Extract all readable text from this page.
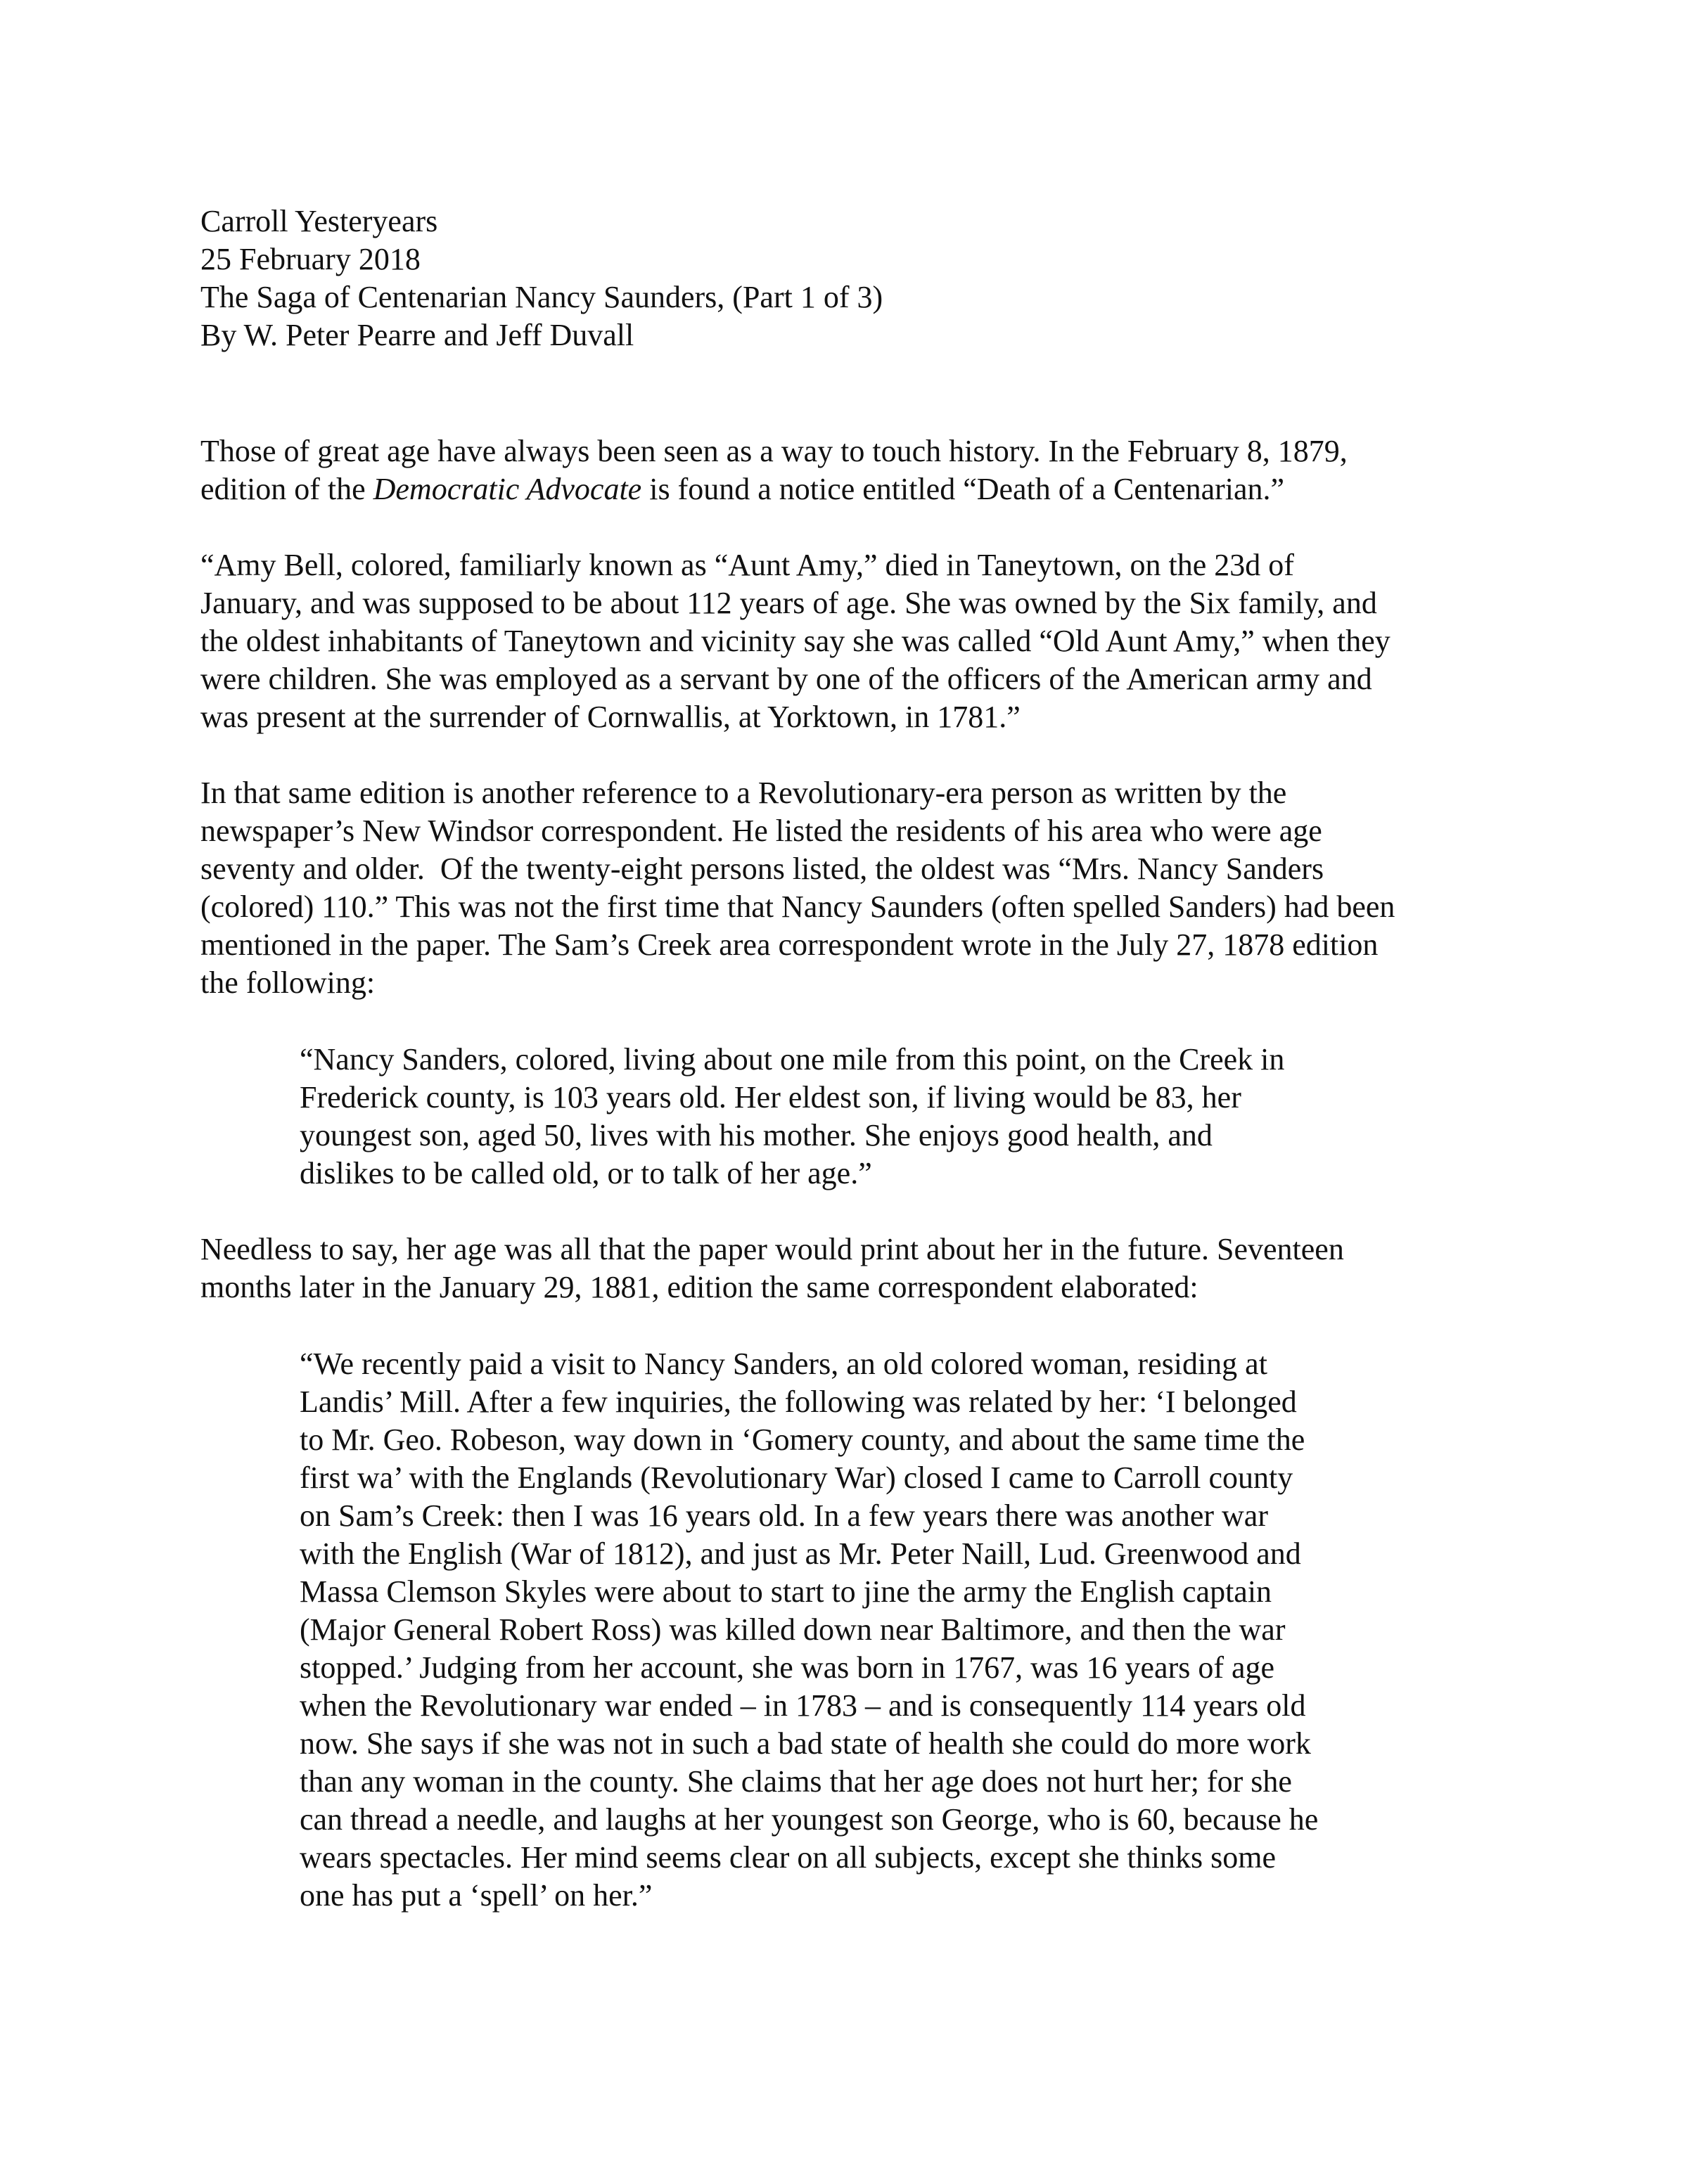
Carroll Yesteryears

25 February 2018

The Saga of Centenarian Nancy Saunders, (Part 1 of 3)

By W. Peter Pearre and Jeff Duvall

Those of great age have always been seen as a way to touch history. In the February 8, 1879,

edition of the Democratic Advocate is found a notice entitled “Death of a Centenarian.”

“Amy Bell, colored, familiarly known as “Aunt Amy,” died in Taneytown, on the 23d of

January, and was supposed to be about 112 years of age. She was owned by the Six family, and

the oldest inhabitants of Taneytown and vicinity say she was called “Old Aunt Amy,” when they

were children. She was employed as a servant by one of the officers of the American army and

was present at the surrender of Cornwallis, at Yorktown, in 1781.”

In that same edition is another reference to a Revolutionary-era person as written by the

newspaper’s New Windsor correspondent. He listed the residents of his area who were age

seventy and older.  Of the twenty-eight persons listed, the oldest was “Mrs. Nancy Sanders

(colored) 110.” This was not the first time that Nancy Saunders (often spelled Sanders) had been

mentioned in the paper. The Sam’s Creek area correspondent wrote in the July 27, 1878 edition

the following:

“Nancy Sanders, colored, living about one mile from this point, on the Creek in

Frederick county, is 103 years old. Her eldest son, if living would be 83, her

youngest son, aged 50, lives with his mother. She enjoys good health, and

dislikes to be called old, or to talk of her age.”

Needless to say, her age was all that the paper would print about her in the future. Seventeen

months later in the January 29, 1881, edition the same correspondent elaborated:

“We recently paid a visit to Nancy Sanders, an old colored woman, residing at

Landis’ Mill. After a few inquiries, the following was related by her: ‘I belonged

to Mr. Geo. Robeson, way down in ‘Gomery county, and about the same time the

first wa’ with the Englands (Revolutionary War) closed I came to Carroll county

on Sam’s Creek: then I was 16 years old. In a few years there was another war

with the English (War of 1812), and just as Mr. Peter Naill, Lud. Greenwood and

Massa Clemson Skyles were about to start to jine the army the English captain

(Major General Robert Ross) was killed down near Baltimore, and then the war

stopped.’ Judging from her account, she was born in 1767, was 16 years of age

when the Revolutionary war ended – in 1783 – and is consequently 114 years old

now. She says if she was not in such a bad state of health she could do more work

than any woman in the county. She claims that her age does not hurt her; for she

can thread a needle, and laughs at her youngest son George, who is 60, because he

wears spectacles. Her mind seems clear on all subjects, except she thinks some

one has put a ‘spell’ on her.”
